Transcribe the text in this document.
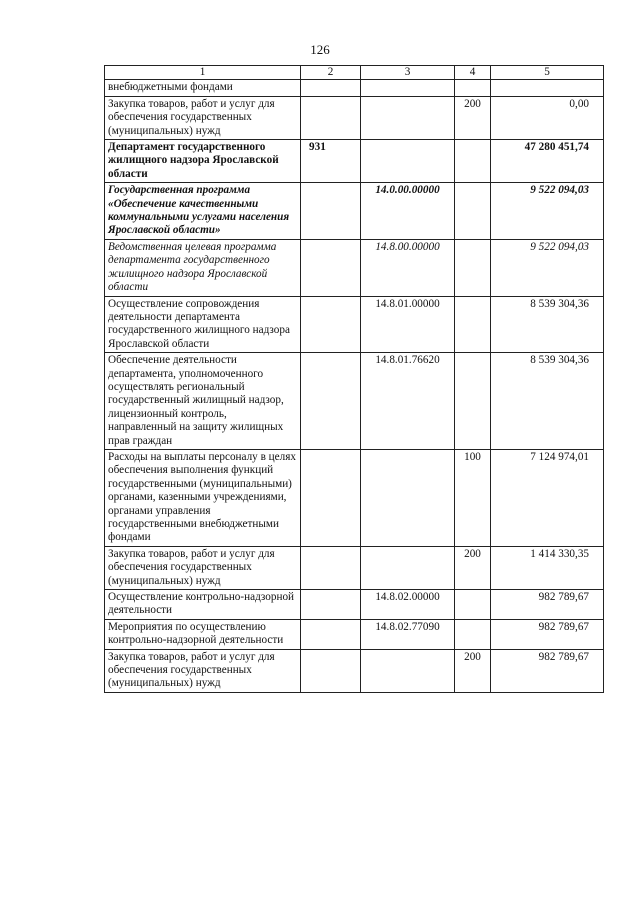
126
1	2	3	4	5
внебюджетными фондами				
Закупка товаров, работ и услуг для обеспечения государственных (муниципальных) нужд			200	0,00
Департамент государственного жилищного надзора Ярославской области	931			47 280 451,74
Государственная программа «Обеспечение качественными коммунальными услугами населения Ярославской области»		14.0.00.00000		9 522 094,03
Ведомственная целевая программа департамента государственного жилищного надзора Ярославской области		14.8.00.00000		9 522 094,03
Осуществление сопровождения деятельности департамента государственного жилищного надзора Ярославской области		14.8.01.00000		8 539 304,36
Обеспечение деятельности департамента, уполномоченного осуществлять региональный государственный жилищный надзор, лицензионный контроль, направленный на защиту жилищных прав граждан		14.8.01.76620		8 539 304,36
Расходы на выплаты персоналу в целях обеспечения выполнения функций государственными (муниципальными) органами, казенными учреждениями, органами управления государственными внебюджетными фондами			100	7 124 974,01
Закупка товаров, работ и услуг для обеспечения государственных (муниципальных) нужд			200	1 414 330,35
Осуществление контрольно-надзорной деятельности		14.8.02.00000		982 789,67
Мероприятия по осуществлению контрольно-надзорной деятельности		14.8.02.77090		982 789,67
Закупка товаров, работ и услуг для обеспечения государственных (муниципальных) нужд			200	982 789,67
